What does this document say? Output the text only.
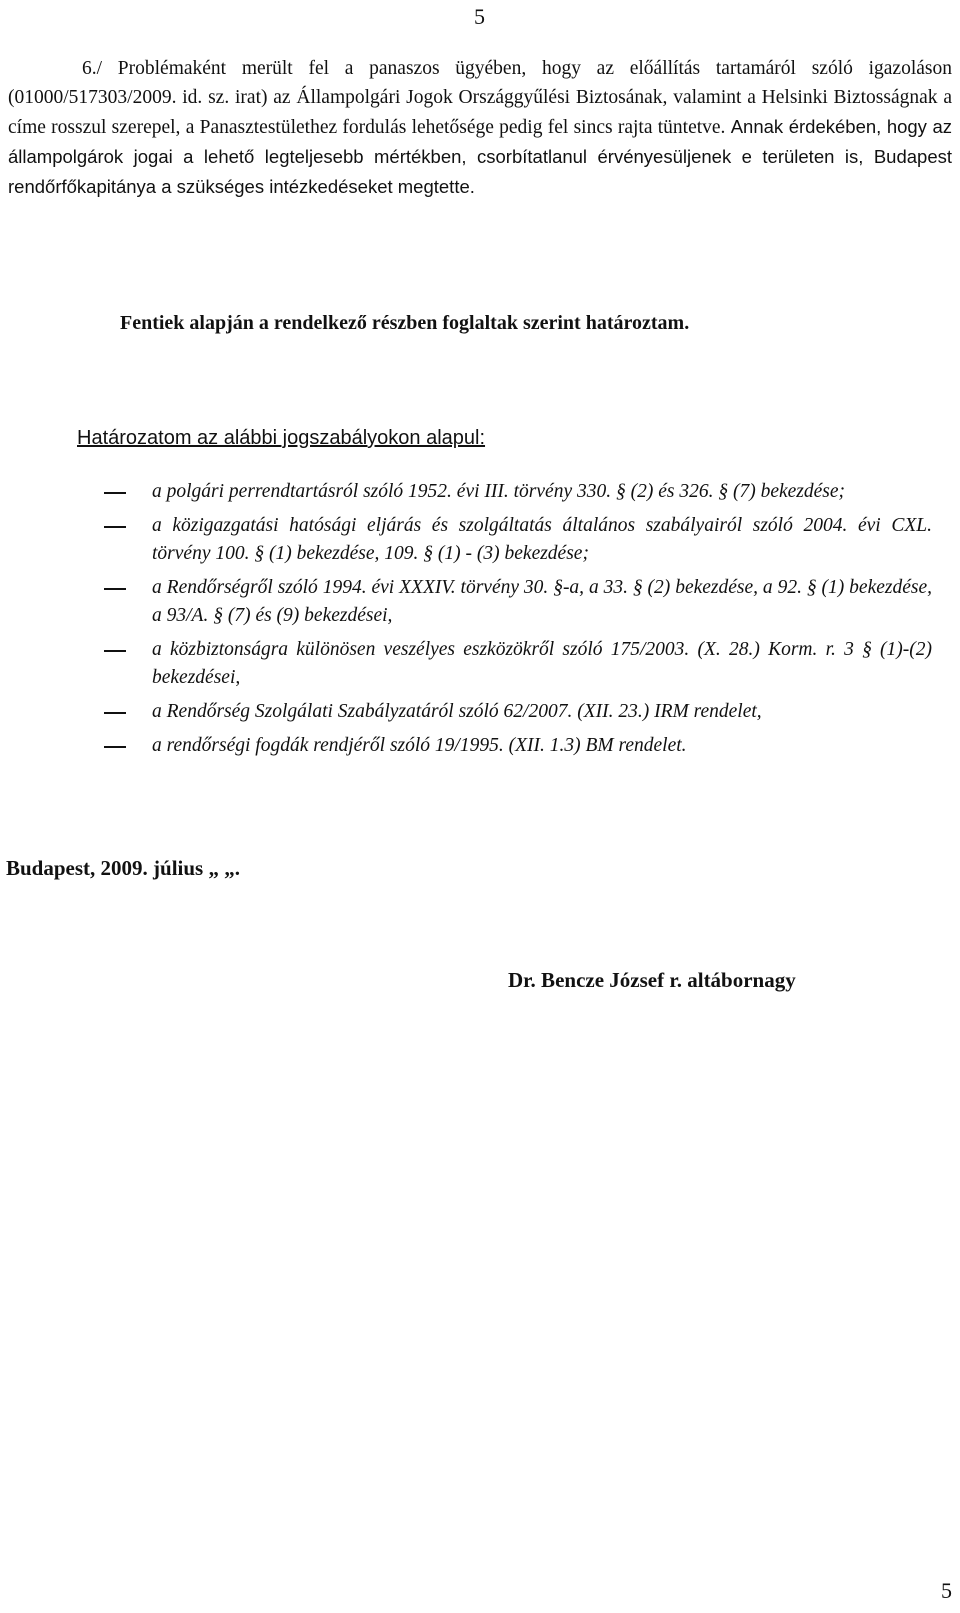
5
6./ Problémaként merült fel a panaszos ügyében, hogy az előállítás tartamáról szóló igazoláson (01000/517303/2009. id. sz. irat) az Állampolgári Jogok Országgyűlési Biztosának, valamint a Helsinki Biztosságnak a címe rosszul szerepel, a Panasztestülethez fordulás lehetősége pedig fel sincs rajta tüntetve. Annak érdekében, hogy az állampolgárok jogai a lehető legteljesebb mértékben, csorbítatlanul érvényesüljenek e területen is, Budapest rendőrfőkapitánya a szükséges intézkedéseket megtette.
Fentiek alapján a rendelkező részben foglaltak szerint határoztam.
Határozatom az alábbi jogszabályokon alapul:
a polgári perrendtartásról szóló 1952. évi III. törvény 330. § (2) és 326. § (7) bekezdése;
a közigazgatási hatósági eljárás és szolgáltatás általános szabályairól szóló 2004. évi CXL. törvény 100. § (1) bekezdése, 109. § (1) - (3) bekezdése;
a Rendőrségről szóló 1994. évi XXXIV. törvény 30. §-a, a 33. § (2) bekezdése, a 92. § (1) bekezdése, a 93/A. § (7) és (9) bekezdései,
a közbiztonságra különösen veszélyes eszközökről szóló 175/2003. (X. 28.) Korm. r. 3 § (1)-(2) bekezdései,
a Rendőrség Szolgálati Szabályzatáról szóló 62/2007. (XII. 23.) IRM rendelet,
a rendőrségi fogdák rendjéről szóló 19/1995. (XII. 1.3) BM rendelet.
Budapest, 2009. július „ „.
Dr. Bencze József r. altábornagy
5
